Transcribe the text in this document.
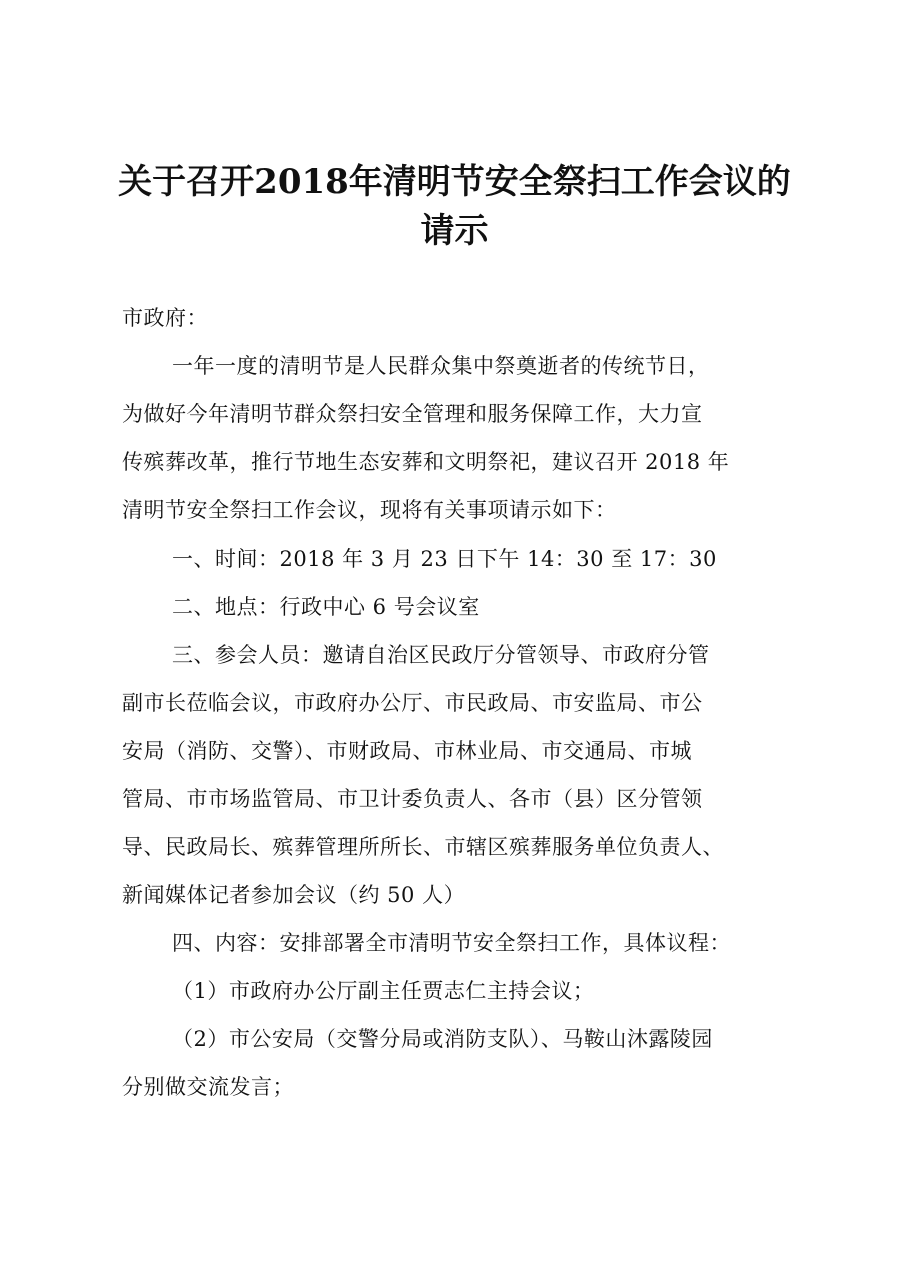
关于召开2018年清明节安全祭扫工作会议的
请示
市政府：
一年一度的清明节是人民群众集中祭奠逝者的传统节日，
为做好今年清明节群众祭扫安全管理和服务保障工作，大力宣
传殡葬改革，推行节地生态安葬和文明祭祀，建议召开 2018 年
清明节安全祭扫工作会议，现将有关事项请示如下：
一、时间：2018 年 3 月 23 日下午 14：30 至 17：30
二、地点：行政中心 6 号会议室
三、参会人员：邀请自治区民政厅分管领导、市政府分管
副市长莅临会议，市政府办公厅、市民政局、市安监局、市公
安局（消防、交警）、市财政局、市林业局、市交通局、市城
管局、市市场监管局、市卫计委负责人、各市（县）区分管领
导、民政局长、殡葬管理所所长、市辖区殡葬服务单位负责人、
新闻媒体记者参加会议（约 50 人）
四、内容：安排部署全市清明节安全祭扫工作，具体议程：
（1）市政府办公厅副主任贾志仁主持会议；
（2）市公安局（交警分局或消防支队）、马鞍山沐露陵园
分别做交流发言；
